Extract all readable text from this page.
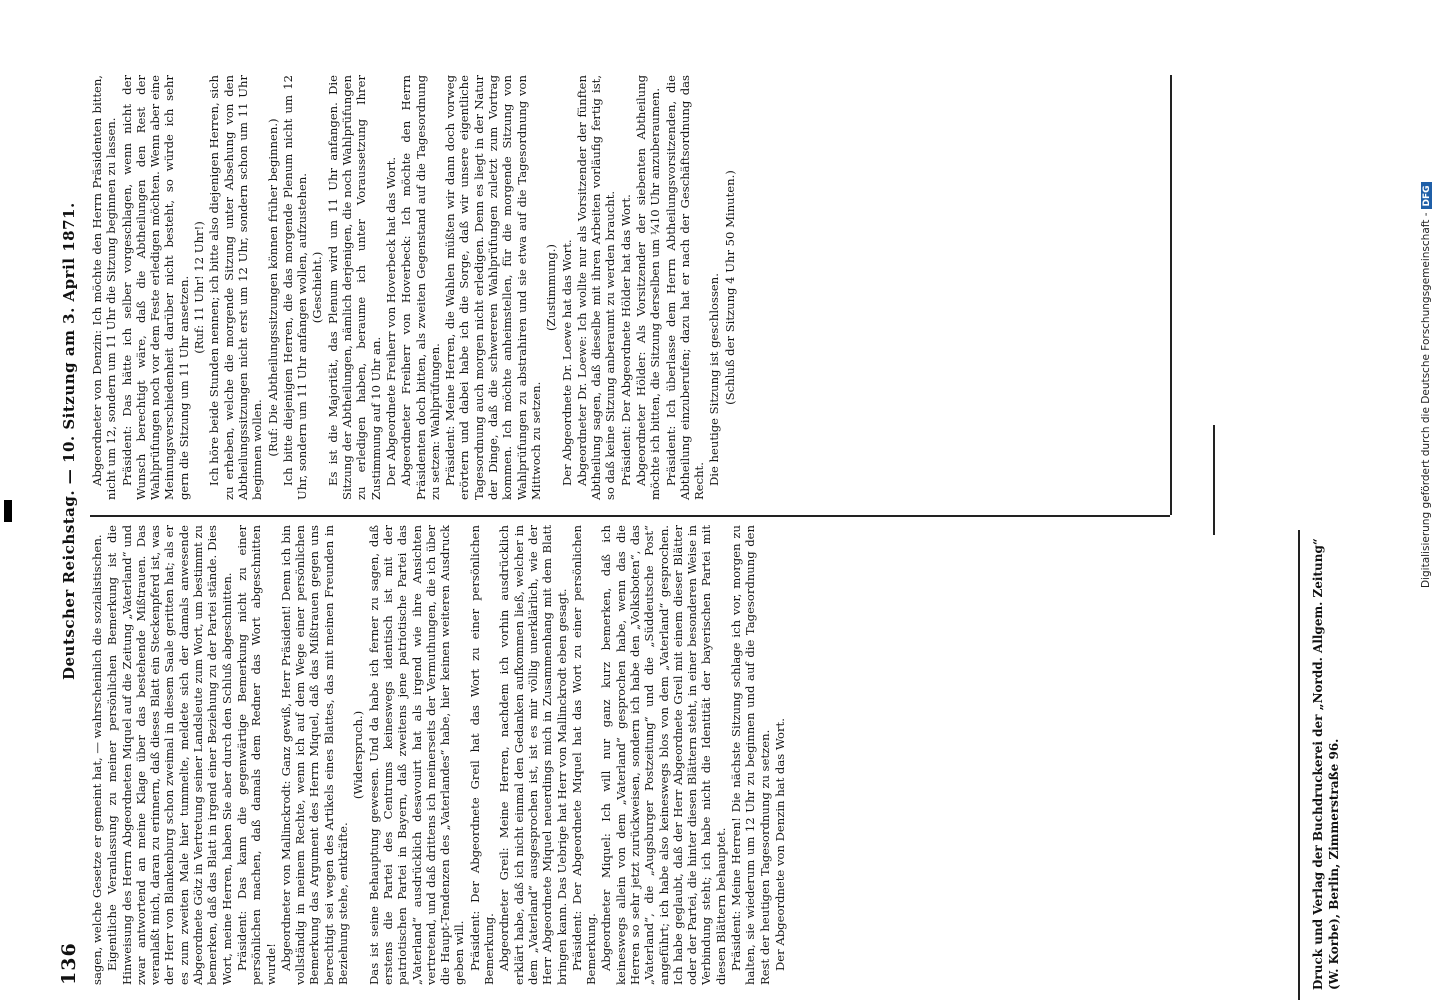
136
Deutscher Reichstag. — 10. Sitzung am 3. April 1871.

sagen, welche Gesetze er gemeint hat, — wahrscheinlich die sozialistischen. Eigentliche Veranlassung zu meiner persönlichen Bemerkung ist die Hinweisung des Herrn Abgeordneten Miquel auf die Zeitung „Vaterland“ und zwar antwortend an meine Klage über das bestehende Mißtrauen. Das veranlaßt mich, daran zu erinnern, daß dieses Blatt ein Steckenpferd ist, was der Herr von Blankenburg schon zweimal in diesem Saale geritten hat; als er es zum zweiten Male hier tummelte, meldete sich der damals anwesende Abgeordnete Götz in Vertretung seiner Landsleute zum Wort, um bestimmt zu bemerken, daß das Blatt in irgend einer Beziehung zu der Partei stände. Dies Wort, meine Herren, haben Sie aber durch den Schluß abgeschnitten. Präsident: Das kann die gegenwärtige Bemerkung nicht zu einer persönlichen machen, daß damals dem Redner das Wort abgeschnitten wurde! Abgeordneter von Mallinckrodt: Ganz gewiß, Herr Präsident! Denn ich bin vollständig in meinem Rechte, wenn ich auf dem Wege einer persönlichen Bemerkung das Argument des Herrn Miquel, daß das Mißtrauen gegen uns berechtigt sei wegen des Artikels eines Blattes, das mit meinen Freunden in Beziehung stehe, entkräfte.

(Widerspruch.) Das ist seine Behauptung gewesen. Und da habe ich ferner zu sagen, daß erstens die Partei des Centrums keineswegs identisch ist mit der patriotischen Partei in Bayern, daß zweitens jene patriotische Partei das „Vaterland“ ausdrücklich desavouirt hat als irgend wie ihre Ansichten vertretend, und daß drittens ich meinerseits der Vermuthungen, die ich über die Haupt-Tendenzen des „Vaterlandes“ habe, hier keinen weiteren Ausdruck geben will. Präsident: Der Abgeordnete Greil hat das Wort zu einer persönlichen Bemerkung. Abgeordneter Greil: Meine Herren, nachdem ich vorhin ausdrücklich erklärt habe, daß ich nicht einmal den Gedanken aufkommen ließ, welcher in dem „Vaterland“ ausgesprochen ist, ist es mir völlig unerklärlich, wie der Herr Abgeordnete Miquel neuerdings mich in Zusammenhang mit dem Blatt bringen kann. Das Uebrige hat Herr von Mallinckrodt eben gesagt. Präsident: Der Abgeordnete Miquel hat das Wort zu einer persönlichen Bemerkung. Abgeordneter Miquel: Ich will nur ganz kurz bemerken, daß ich keineswegs allein von dem „Vaterland“ gesprochen habe, wenn das die Herren so sehr jetzt zurückweisen, sondern ich habe den „Volksboten“, das „Vaterland“, die „Augsburger Postzeitung“ und die „Süddeutsche Post“ angeführt; ich habe also keineswegs blos von dem „Vaterland“ gesprochen. Ich habe geglaubt, daß der Herr Abgeordnete Greil mit einem dieser Blätter oder der Partei, die hinter diesen Blättern steht, in einer besonderen Weise in Verbindung steht; ich habe nicht die Identität der bayerischen Partei mit diesen Blättern behauptet. Präsident: Meine Herren! Die nächste Sitzung schlage ich vor, morgen zu halten, sie wiederum um 12 Uhr zu beginnen und auf die Tagesordnung den Rest der heutigen Tagesordnung zu setzen. Der Abgeordnete von Denzin hat das Wort.

Abgeordneter von Denzin: Ich möchte den Herrn Präsidenten bitten, nicht um 12, sondern um 11 Uhr die Sitzung beginnen zu lassen. Präsident: Das hätte ich selber vorgeschlagen, wenn nicht der Wunsch berechtigt wäre, daß die Abtheilungen den Rest der Wahlprüfungen noch vor dem Feste erledigen möchten. Wenn aber eine Meinungsverschiedenheit darüber nicht besteht, so würde ich sehr gern die Sitzung um 11 Uhr ansetzen. (Ruf: 11 Uhr! 12 Uhr!) Ich höre beide Stunden nennen; ich bitte also diejenigen Herren, sich zu erheben, welche die morgende Sitzung unter Absehung von den Abtheilungssitzungen nicht erst um 12 Uhr, sondern schon um 11 Uhr beginnen wollen. (Ruf: Die Abtheilungssitzungen können früher beginnen.) Ich bitte diejenigen Herren, die das morgende Plenum nicht um 12 Uhr, sondern um 11 Uhr anfangen wollen, aufzustehen. (Geschieht.) Es ist die Majorität, das Plenum wird um 11 Uhr anfangen. Die Sitzung der Abtheilungen, nämlich derjenigen, die noch Wahlprüfungen zu erledigen haben, beraume ich unter Voraussetzung Ihrer Zustimmung auf 10 Uhr an. Der Abgeordnete Freiherr von Hoverbeck hat das Wort. Abgeordneter Freiherr von Hoverbeck: Ich möchte den Herrn Präsidenten doch bitten, als zweiten Gegenstand auf die Tagesordnung zu setzen: Wahlprüfungen. Präsident: Meine Herren, die Wahlen müßten wir dann doch vorweg erörtern und dabei habe ich die Sorge, daß wir unsere eigentliche Tagesordnung auch morgen nicht erledigen. Denn es liegt in der Natur der Dinge, daß die schwereren Wahlprüfungen zuletzt zum Vortrag kommen. Ich möchte anheimstellen, für die morgende Sitzung von Wahlprüfungen zu abstrahiren und sie etwa auf die Tagesordnung von Mittwoch zu setzen.

(Zustimmung.) Der Abgeordnete Dr. Loewe hat das Wort. Abgeordneter Dr. Loewe: Ich wollte nur als Vorsitzender der fünften Abtheilung sagen, daß dieselbe mit ihren Arbeiten vorläufig fertig ist, so daß keine Sitzung anberaumt zu werden braucht. Präsident: Der Abgeordnete Hölder hat das Wort. Abgeordneter Hölder: Als Vorsitzender der siebenten Abtheilung möchte ich bitten, die Sitzung derselben um ¼10 Uhr anzuberaumen. Präsident: Ich überlasse dem Herrn Abtheilungsvorsitzenden, die Abtheilung einzuberufen; dazu hat er nach der Geschäftsordnung das Recht. Die heutige Sitzung ist geschlossen. (Schluß der Sitzung 4 Uhr 50 Minuten.)

Druck und Verlag der Buchdruckerei der „Nordd. Allgem. Zeitung“ (W. Korbe), Berlin, Zimmerstraße 96.
Digitalisierung gefördert durch die Deutsche Forschungsgemeinschaft -DFG
